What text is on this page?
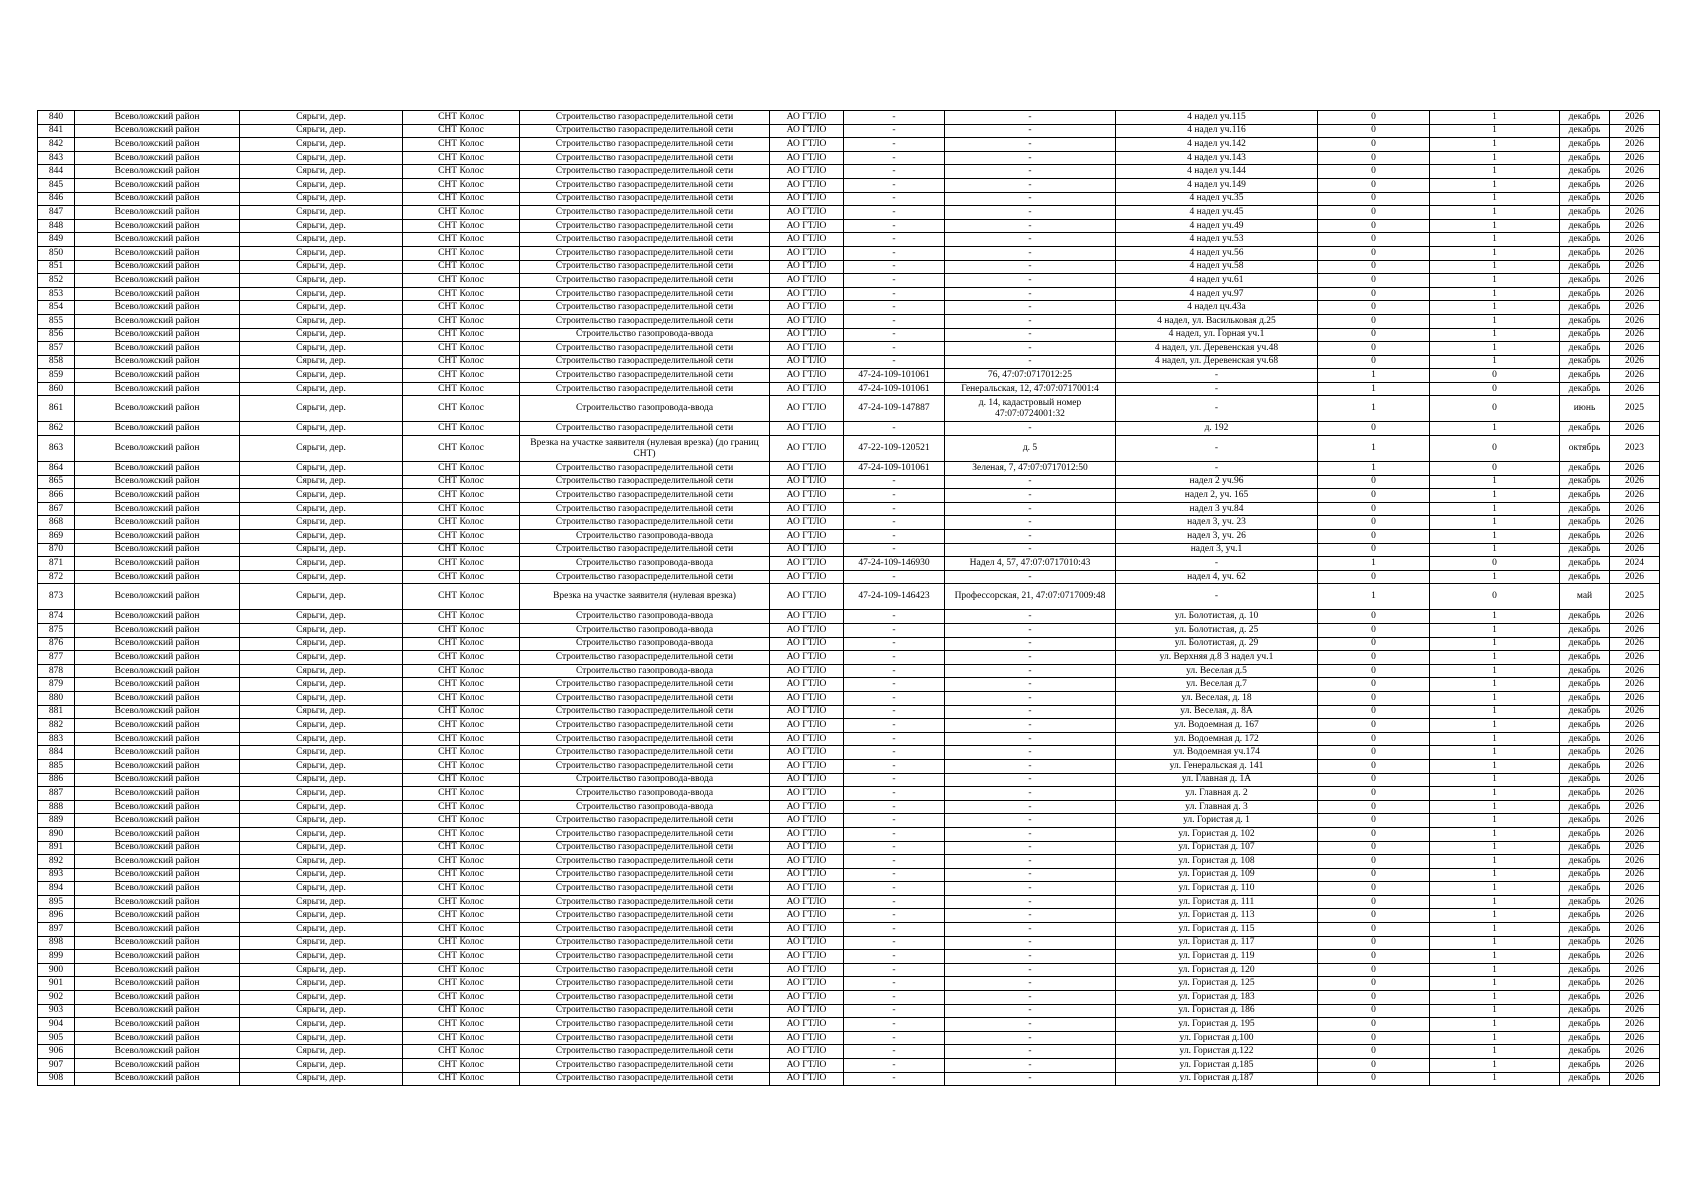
840	Всеволожский район	Сярьги, дер.	СНТ Колос	Строительство газораспределительной сети	АО ГТЛО	-	-	4 надел уч.115	0	1	декабрь	2026
841	Всеволожский район	Сярьги, дер.	СНТ Колос	Строительство газораспределительной сети	АО ГТЛО	-	-	4 надел уч.116	0	1	декабрь	2026
842	Всеволожский район	Сярьги, дер.	СНТ Колос	Строительство газораспределительной сети	АО ГТЛО	-	-	4 надел уч.142	0	1	декабрь	2026
843	Всеволожский район	Сярьги, дер.	СНТ Колос	Строительство газораспределительной сети	АО ГТЛО	-	-	4 надел уч.143	0	1	декабрь	2026
844	Всеволожский район	Сярьги, дер.	СНТ Колос	Строительство газораспределительной сети	АО ГТЛО	-	-	4 надел уч.144	0	1	декабрь	2026
845	Всеволожский район	Сярьги, дер.	СНТ Колос	Строительство газораспределительной сети	АО ГТЛО	-	-	4 надел уч.149	0	1	декабрь	2026
846	Всеволожский район	Сярьги, дер.	СНТ Колос	Строительство газораспределительной сети	АО ГТЛО	-	-	4 надел уч.35	0	1	декабрь	2026
847	Всеволожский район	Сярьги, дер.	СНТ Колос	Строительство газораспределительной сети	АО ГТЛО	-	-	4 надел уч.45	0	1	декабрь	2026
848	Всеволожский район	Сярьги, дер.	СНТ Колос	Строительство газораспределительной сети	АО ГТЛО	-	-	4 надел уч.49	0	1	декабрь	2026
849	Всеволожский район	Сярьги, дер.	СНТ Колос	Строительство газораспределительной сети	АО ГТЛО	-	-	4 надел уч.53	0	1	декабрь	2026
850	Всеволожский район	Сярьги, дер.	СНТ Колос	Строительство газораспределительной сети	АО ГТЛО	-	-	4 надел уч.56	0	1	декабрь	2026
851	Всеволожский район	Сярьги, дер.	СНТ Колос	Строительство газораспределительной сети	АО ГТЛО	-	-	4 надел уч.58	0	1	декабрь	2026
852	Всеволожский район	Сярьги, дер.	СНТ Колос	Строительство газораспределительной сети	АО ГТЛО	-	-	4 надел уч.61	0	1	декабрь	2026
853	Всеволожский район	Сярьги, дер.	СНТ Колос	Строительство газораспределительной сети	АО ГТЛО	-	-	4 надел уч.97	0	1	декабрь	2026
854	Всеволожский район	Сярьги, дер.	СНТ Колос	Строительство газораспределительной сети	АО ГТЛО	-	-	4 надел цч.43а	0	1	декабрь	2026
855	Всеволожский район	Сярьги, дер.	СНТ Колос	Строительство газораспределительной сети	АО ГТЛО	-	-	4 надел, ул. Васильковая д.25	0	1	декабрь	2026
856	Всеволожский район	Сярьги, дер.	СНТ Колос	Строительство газопровода-ввода	АО ГТЛО	-	-	4 надел, ул. Горная уч.1	0	1	декабрь	2026
857	Всеволожский район	Сярьги, дер.	СНТ Колос	Строительство газораспределительной сети	АО ГТЛО	-	-	4 надел, ул. Деревенская уч.48	0	1	декабрь	2026
858	Всеволожский район	Сярьги, дер.	СНТ Колос	Строительство газораспределительной сети	АО ГТЛО	-	-	4 надел, ул. Деревенская уч.68	0	1	декабрь	2026
859	Всеволожский район	Сярьги, дер.	СНТ Колос	Строительство газораспределительной сети	АО ГТЛО	47-24-109-101061	76, 47:07:0717012:25	-	1	0	декабрь	2026
860	Всеволожский район	Сярьги, дер.	СНТ Колос	Строительство газораспределительной сети	АО ГТЛО	47-24-109-101061	Генеральская, 12, 47:07:0717001:4	-	1	0	декабрь	2026
861	Всеволожский район	Сярьги, дер.	СНТ Колос	Строительство газопровода-ввода	АО ГТЛО	47-24-109-147887	д. 14, кадастровый номер 47:07:0724001:32	-	1	0	июнь	2025
862	Всеволожский район	Сярьги, дер.	СНТ Колос	Строительство газораспределительной сети	АО ГТЛО	-	-	д. 192	0	1	декабрь	2026
863	Всеволожский район	Сярьги, дер.	СНТ Колос	Врезка на участке заявителя (нулевая врезка) (до границ СНТ)	АО ГТЛО	47-22-109-120521	д. 5	-	1	0	октябрь	2023
864	Всеволожский район	Сярьги, дер.	СНТ Колос	Строительство газораспределительной сети	АО ГТЛО	47-24-109-101061	Зеленая, 7, 47:07:0717012:50	-	1	0	декабрь	2026
865	Всеволожский район	Сярьги, дер.	СНТ Колос	Строительство газораспределительной сети	АО ГТЛО	-	-	надел 2 уч.96	0	1	декабрь	2026
866	Всеволожский район	Сярьги, дер.	СНТ Колос	Строительство газораспределительной сети	АО ГТЛО	-	-	надел 2, уч. 165	0	1	декабрь	2026
867	Всеволожский район	Сярьги, дер.	СНТ Колос	Строительство газораспределительной сети	АО ГТЛО	-	-	надел 3 уч.84	0	1	декабрь	2026
868	Всеволожский район	Сярьги, дер.	СНТ Колос	Строительство газораспределительной сети	АО ГТЛО	-	-	надел 3, уч. 23	0	1	декабрь	2026
869	Всеволожский район	Сярьги, дер.	СНТ Колос	Строительство газопровода-ввода	АО ГТЛО	-	-	надел 3, уч. 26	0	1	декабрь	2026
870	Всеволожский район	Сярьги, дер.	СНТ Колос	Строительство газораспределительной сети	АО ГТЛО	-	-	надел 3, уч.1	0	1	декабрь	2026
871	Всеволожский район	Сярьги, дер.	СНТ Колос	Строительство газопровода-ввода	АО ГТЛО	47-24-109-146930	Надел 4, 57, 47:07:0717010:43	-	1	0	декабрь	2024
872	Всеволожский район	Сярьги, дер.	СНТ Колос	Строительство газораспределительной сети	АО ГТЛО	-	-	надел 4, уч. 62	0	1	декабрь	2026
873	Всеволожский район	Сярьги, дер.	СНТ Колос	Врезка на участке заявителя (нулевая врезка)	АО ГТЛО	47-24-109-146423	Профессорская, 21, 47:07:0717009:48	-	1	0	май	2025
874	Всеволожский район	Сярьги, дер.	СНТ Колос	Строительство газопровода-ввода	АО ГТЛО	-	-	ул. Болотистая, д. 10	0	1	декабрь	2026
875	Всеволожский район	Сярьги, дер.	СНТ Колос	Строительство газопровода-ввода	АО ГТЛО	-	-	ул. Болотистая, д. 25	0	1	декабрь	2026
876	Всеволожский район	Сярьги, дер.	СНТ Колос	Строительство газопровода-ввода	АО ГТЛО	-	-	ул. Болотистая, д. 29	0	1	декабрь	2026
877	Всеволожский район	Сярьги, дер.	СНТ Колос	Строительство газораспределительной сети	АО ГТЛО	-	-	ул. Верхняя д.8 3 надел уч.1	0	1	декабрь	2026
878	Всеволожский район	Сярьги, дер.	СНТ Колос	Строительство газопровода-ввода	АО ГТЛО	-	-	ул. Веселая д.5	0	1	декабрь	2026
879	Всеволожский район	Сярьги, дер.	СНТ Колос	Строительство газораспределительной сети	АО ГТЛО	-	-	ул. Веселая д.7	0	1	декабрь	2026
880	Всеволожский район	Сярьги, дер.	СНТ Колос	Строительство газораспределительной сети	АО ГТЛО	-	-	ул. Веселая, д. 18	0	1	декабрь	2026
881	Всеволожский район	Сярьги, дер.	СНТ Колос	Строительство газораспределительной сети	АО ГТЛО	-	-	ул. Веселая, д. 8А	0	1	декабрь	2026
882	Всеволожский район	Сярьги, дер.	СНТ Колос	Строительство газораспределительной сети	АО ГТЛО	-	-	ул. Водоемная д. 167	0	1	декабрь	2026
883	Всеволожский район	Сярьги, дер.	СНТ Колос	Строительство газораспределительной сети	АО ГТЛО	-	-	ул. Водоемная д. 172	0	1	декабрь	2026
884	Всеволожский район	Сярьги, дер.	СНТ Колос	Строительство газораспределительной сети	АО ГТЛО	-	-	ул. Водоемная уч.174	0	1	декабрь	2026
885	Всеволожский район	Сярьги, дер.	СНТ Колос	Строительство газораспределительной сети	АО ГТЛО	-	-	ул. Генеральская д. 141	0	1	декабрь	2026
886	Всеволожский район	Сярьги, дер.	СНТ Колос	Строительство газопровода-ввода	АО ГТЛО	-	-	ул. Главная д. 1А	0	1	декабрь	2026
887	Всеволожский район	Сярьги, дер.	СНТ Колос	Строительство газопровода-ввода	АО ГТЛО	-	-	ул. Главная д. 2	0	1	декабрь	2026
888	Всеволожский район	Сярьги, дер.	СНТ Колос	Строительство газопровода-ввода	АО ГТЛО	-	-	ул. Главная д. 3	0	1	декабрь	2026
889	Всеволожский район	Сярьги, дер.	СНТ Колос	Строительство газораспределительной сети	АО ГТЛО	-	-	ул. Гористая д. 1	0	1	декабрь	2026
890	Всеволожский район	Сярьги, дер.	СНТ Колос	Строительство газораспределительной сети	АО ГТЛО	-	-	ул. Гористая д. 102	0	1	декабрь	2026
891	Всеволожский район	Сярьги, дер.	СНТ Колос	Строительство газораспределительной сети	АО ГТЛО	-	-	ул. Гористая д. 107	0	1	декабрь	2026
892	Всеволожский район	Сярьги, дер.	СНТ Колос	Строительство газораспределительной сети	АО ГТЛО	-	-	ул. Гористая д. 108	0	1	декабрь	2026
893	Всеволожский район	Сярьги, дер.	СНТ Колос	Строительство газораспределительной сети	АО ГТЛО	-	-	ул. Гористая д. 109	0	1	декабрь	2026
894	Всеволожский район	Сярьги, дер.	СНТ Колос	Строительство газораспределительной сети	АО ГТЛО	-	-	ул. Гористая д. 110	0	1	декабрь	2026
895	Всеволожский район	Сярьги, дер.	СНТ Колос	Строительство газораспределительной сети	АО ГТЛО	-	-	ул. Гористая д. 111	0	1	декабрь	2026
896	Всеволожский район	Сярьги, дер.	СНТ Колос	Строительство газораспределительной сети	АО ГТЛО	-	-	ул. Гористая д. 113	0	1	декабрь	2026
897	Всеволожский район	Сярьги, дер.	СНТ Колос	Строительство газораспределительной сети	АО ГТЛО	-	-	ул. Гористая д. 115	0	1	декабрь	2026
898	Всеволожский район	Сярьги, дер.	СНТ Колос	Строительство газораспределительной сети	АО ГТЛО	-	-	ул. Гористая д. 117	0	1	декабрь	2026
899	Всеволожский район	Сярьги, дер.	СНТ Колос	Строительство газораспределительной сети	АО ГТЛО	-	-	ул. Гористая д. 119	0	1	декабрь	2026
900	Всеволожский район	Сярьги, дер.	СНТ Колос	Строительство газораспределительной сети	АО ГТЛО	-	-	ул. Гористая д. 120	0	1	декабрь	2026
901	Всеволожский район	Сярьги, дер.	СНТ Колос	Строительство газораспределительной сети	АО ГТЛО	-	-	ул. Гористая д. 125	0	1	декабрь	2026
902	Всеволожский район	Сярьги, дер.	СНТ Колос	Строительство газораспределительной сети	АО ГТЛО	-	-	ул. Гористая д. 183	0	1	декабрь	2026
903	Всеволожский район	Сярьги, дер.	СНТ Колос	Строительство газораспределительной сети	АО ГТЛО	-	-	ул. Гористая д. 186	0	1	декабрь	2026
904	Всеволожский район	Сярьги, дер.	СНТ Колос	Строительство газораспределительной сети	АО ГТЛО	-	-	ул. Гористая д. 195	0	1	декабрь	2026
905	Всеволожский район	Сярьги, дер.	СНТ Колос	Строительство газораспределительной сети	АО ГТЛО	-	-	ул. Гористая д.100	0	1	декабрь	2026
906	Всеволожский район	Сярьги, дер.	СНТ Колос	Строительство газораспределительной сети	АО ГТЛО	-	-	ул. Гористая д.122	0	1	декабрь	2026
907	Всеволожский район	Сярьги, дер.	СНТ Колос	Строительство газораспределительной сети	АО ГТЛО	-	-	ул. Гористая д.185	0	1	декабрь	2026
908	Всеволожский район	Сярьги, дер.	СНТ Колос	Строительство газораспределительной сети	АО ГТЛО	-	-	ул. Гористая д.187	0	1	декабрь	2026
